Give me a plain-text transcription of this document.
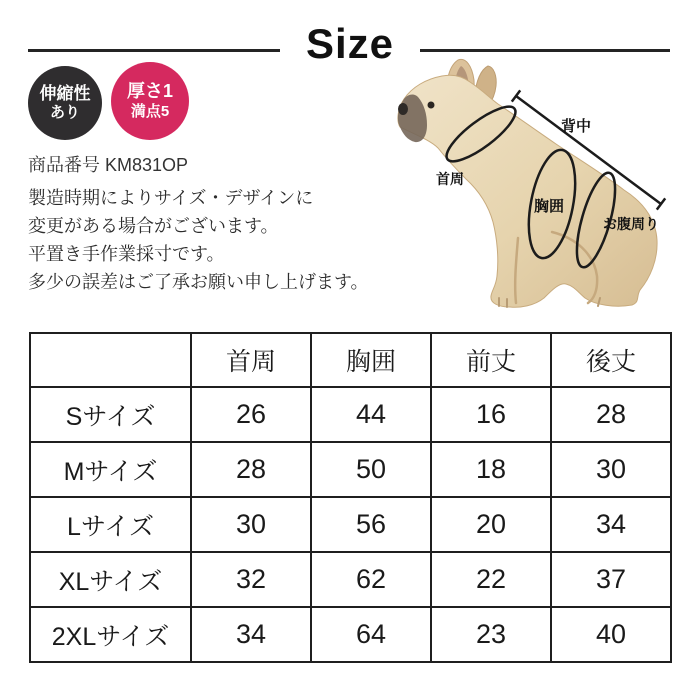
Size
伸縮性
あり
厚さ1
満点5
商品番号 KM831OP
製造時期によりサイズ・デザインに
変更がある場合がございます。
平置き手作業採寸です。
多少の誤差はご了承お願い申し上げます。
首周
背中
胸囲
お腹周り
	首周	胸囲	前丈	後丈
Sサイズ	26	44	16	28
Mサイズ	28	50	18	30
Lサイズ	30	56	20	34
XLサイズ	32	62	22	37
2XLサイズ	34	64	23	40
